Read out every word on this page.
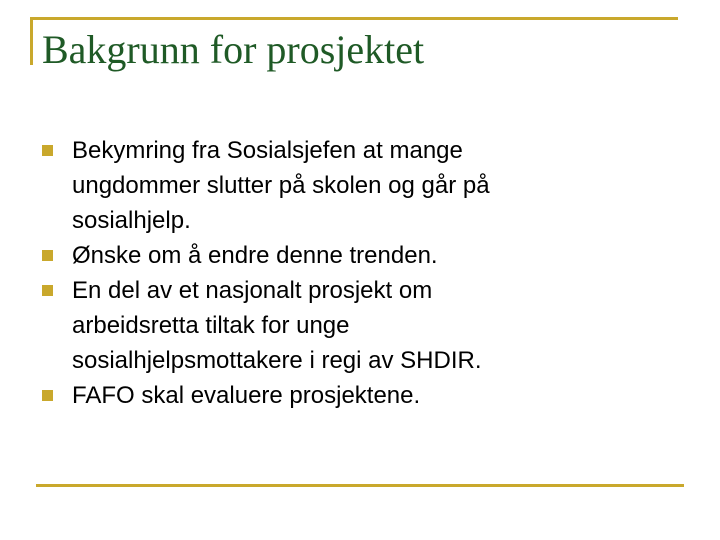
Bakgrunn for prosjektet
Bekymring fra Sosialsjefen at mange
ungdommer slutter på skolen og går på
sosialhjelp.
Ønske om å endre denne trenden.
En del av et nasjonalt prosjekt om
arbeidsretta tiltak for unge
sosialhjelpsmottakere i regi av SHDIR.
FAFO skal evaluere prosjektene.
